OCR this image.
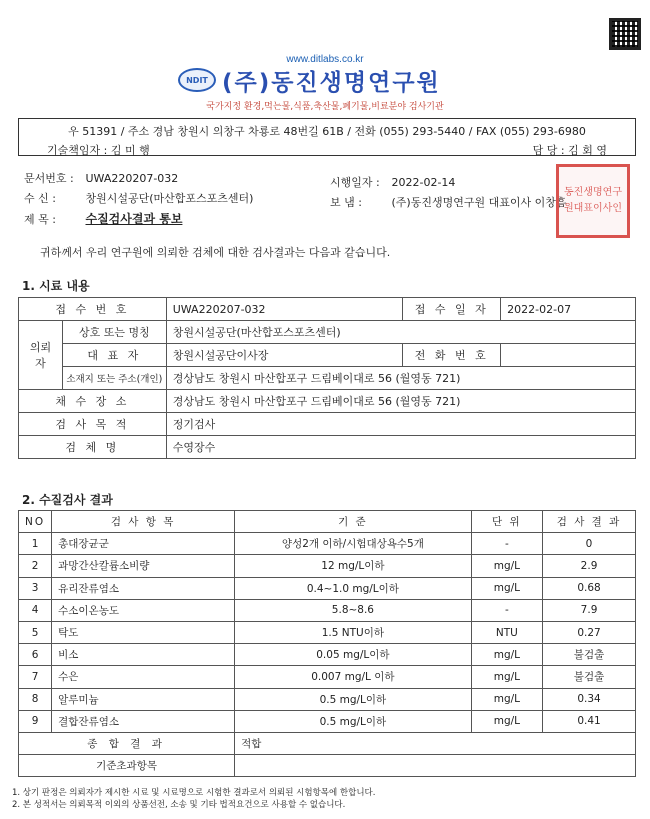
www.ditlabs.co.kr
NDIT (주)동진생명연구원
국가지정 환경,먹는물,식품,축산물,폐기물,비료분야 검사기관
우 51391 / 주소 경남 창원시 의창구 차룡로 48번길 61B / 전화 (055) 293-5440 / FAX (055) 293-6980
기술책임자 : 김 미 행	담 당 : 김 회 영
문서번호 : UWA220207-032
수 신 :	창원시설공단(마산합포스포츠센터)
제 목 : 수질검사결과 통보
시행일자 : 2022-02-14
보 냄 :	(주)동진생명연구원 대표이사 이창흠
동진생명연구원대표이사인
귀하께서 우리 연구원에 의뢰한 검체에 대한 검사결과는 다음과 같습니다.
1. 시료 내용
접 수 번 호		UWA220207-032	접 수 일 자	2022-02-07
의뢰자	상호 또는 명칭	창원시설공단(마산합포스포츠센터)		
	대 표 자	창원시설공단이사장	전 화 번 호	
	소재지 또는 주소(개인)	경상남도 창원시 마산합포구 드림베이대로 56 (월영동 721)		
채 수 장 소		경상남도 창원시 마산합포구 드림베이대로 56 (월영동 721)		
검 사 목 적		정기검사		
검 체 명		수영장수		
2. 수질검사 결과
NO	검 사 항 목	기 준	단 위	검 사 결 과
1	총대장균군	양성2개 이하/시험대상욕수5개	-	0
2	과망간산칼륨소비량	12 mg/L이하	mg/L	2.9
3	유리잔류염소	0.4~1.0 mg/L이하	mg/L	0.68
4	수소이온농도	5.8~8.6	-	7.9
5	탁도	1.5 NTU이하	NTU	0.27
6	비소	0.05 mg/L이하	mg/L	불검출
7	수은	0.007 mg/L 이하	mg/L	불검출
8	알루미늄	0.5 mg/L이하	mg/L	0.34
9	결합잔류염소	0.5 mg/L이하	mg/L	0.41
종 합 결 과		적합		
기준초과항목				
1. 상기 판정은 의뢰자가 제시한 시료 및 시료명으로 시험한 결과로서 의뢰된 시험항목에 한합니다.
2. 본 성적서는 의뢰목적 이외의 상품선전, 소송 및 기타 법적요건으로 사용할 수 없습니다.
